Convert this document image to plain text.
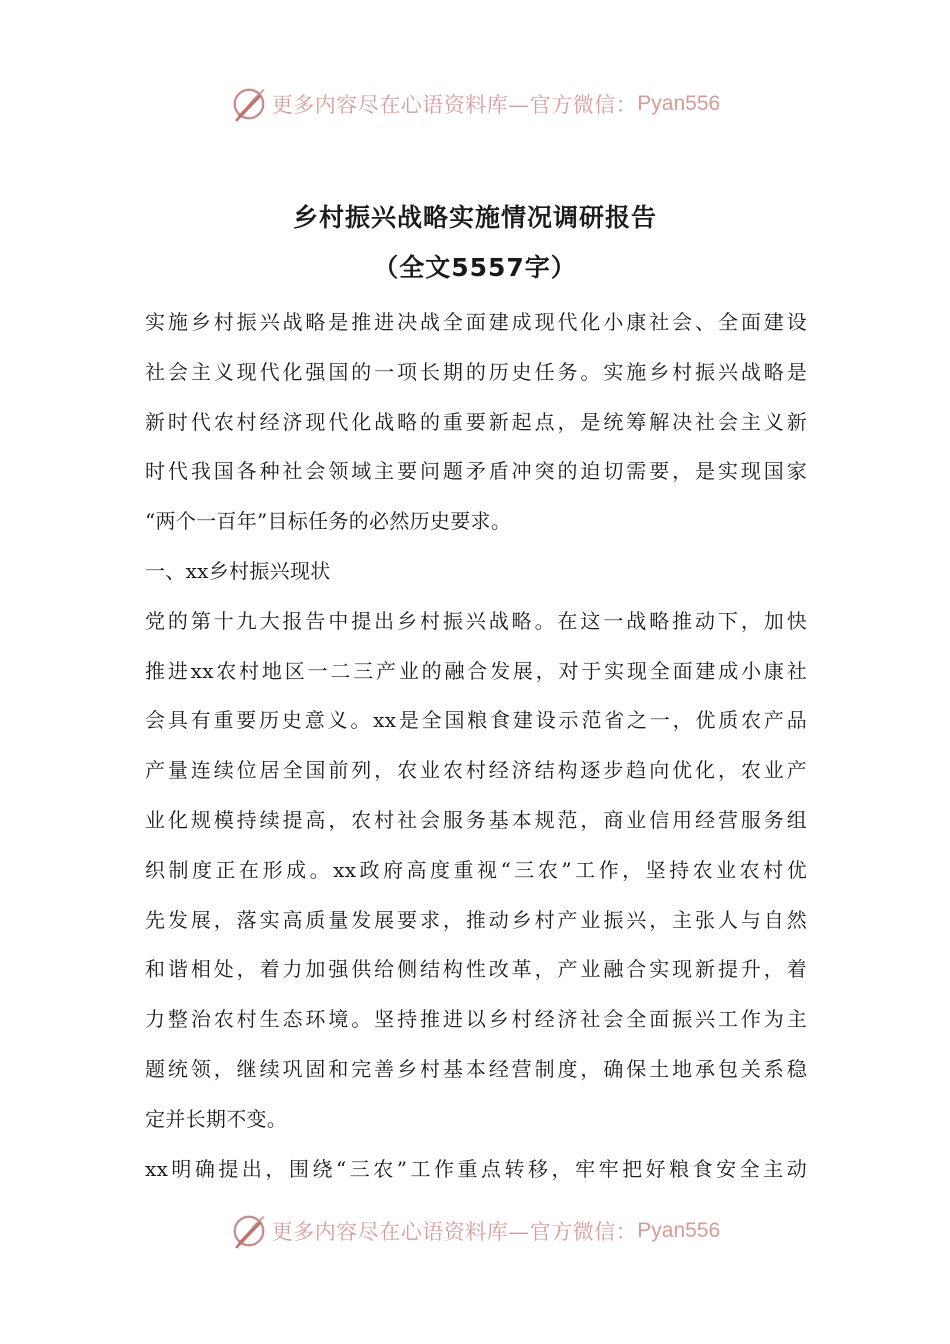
更多内容尽在心语资料库—官方微信： Pyan556
乡村振兴战略实施情况调研报告
（全文5557字）
实施乡村振兴战略是推进决战全面建成现代化小康社会、全面建设
社会主义现代化强国的一项长期的历史任务。实施乡村振兴战略是
新时代农村经济现代化战略的重要新起点，是统筹解决社会主义新
时代我国各种社会领域主要问题矛盾冲突的迫切需要，是实现国家
“两个一百年”目标任务的必然历史要求。
一、xx乡村振兴现状
党的第十九大报告中提出乡村振兴战略。在这一战略推动下，加快
推进xx农村地区一二三产业的融合发展，对于实现全面建成小康社
会具有重要历史意义。xx是全国粮食建设示范省之一，优质农产品
产量连续位居全国前列，农业农村经济结构逐步趋向优化，农业产
业化规模持续提高，农村社会服务基本规范，商业信用经营服务组
织制度正在形成。xx政府高度重视“三农”工作，坚持农业农村优
先发展，落实高质量发展要求，推动乡村产业振兴，主张人与自然
和谐相处，着力加强供给侧结构性改革，产业融合实现新提升，着
力整治农村生态环境。坚持推进以乡村经济社会全面振兴工作为主
题统领，继续巩固和完善乡村基本经营制度，确保土地承包关系稳
定并长期不变。
xx明确提出，围绕“三农”工作重点转移，牢牢把好粮食安全主动
更多内容尽在心语资料库—官方微信： Pyan556
